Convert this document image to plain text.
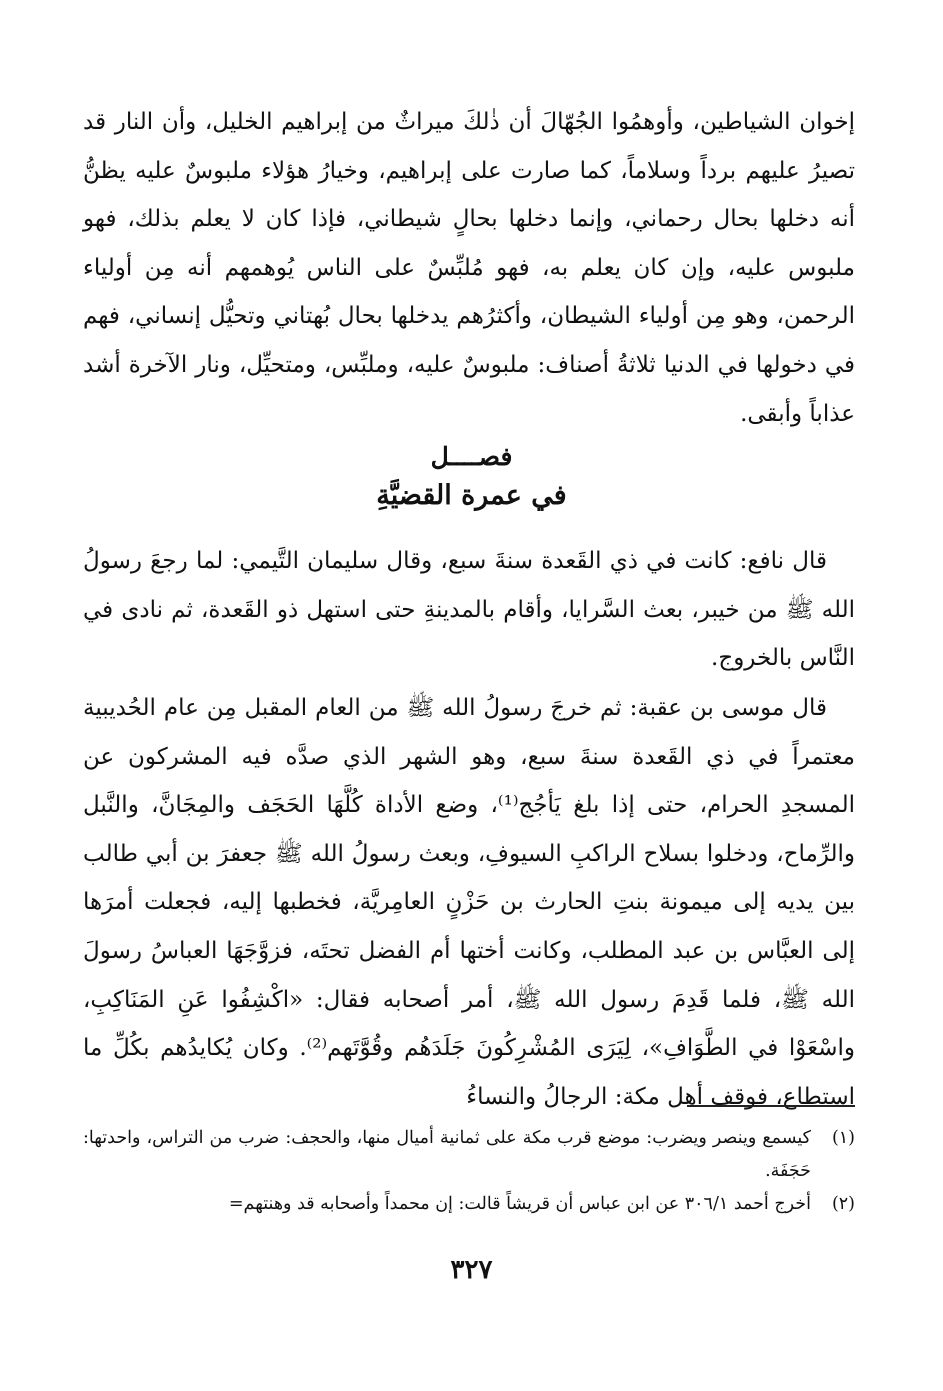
إخوان الشياطين، وأوهمُوا الجُهّالَ أن ذٰلكَ ميراثٌ من إبراهيم الخليل، وأن النار قد تصيرُ عليهم برداً وسلاماً، كما صارت على إبراهيم، وخيارُ هؤلاء ملبوسٌ عليه يظنُّ أنه دخلها بحال رحماني، وإنما دخلها بحالٍ شيطاني، فإذا كان لا يعلم بذلك، فهو ملبوس عليه، وإن كان يعلم به، فهو مُلبِّسٌ على الناس يُوهمهم أنه مِن أولياء الرحمن، وهو مِن أولياء الشيطان، وأكثرُهم يدخلها بحال بُهتاني وتحيُّل إنساني، فهم في دخولها في الدنيا ثلاثةُ أصناف: ملبوسٌ عليه، وملبِّس، ومتحيِّل، ونار الآخرة أشد عذاباً وأبقى.

فصــــل
في عمرة القضيَّةِ

قال نافع: كانت في ذي القَعدة سنةَ سبع، وقال سليمان التَّيمي: لما رجعَ رسولُ الله ﷺ من خيبر، بعث السَّرايا، وأقام بالمدينةِ حتى استهل ذو القَعدة، ثم نادى في النَّاس بالخروج.

قال موسى بن عقبة: ثم خرجَ رسولُ الله ﷺ من العام المقبل مِن عام الحُديبية معتمراً في ذي القَعدة سنةَ سبع، وهو الشهر الذي صدَّه فيه المشركون عن المسجدِ الحرام، حتى إذا بلغ يَأجُج⁽¹⁾، وضع الأداة كُلَّهَا الحَجَف والمِجَانَّ، والنَّبل والرِّماح، ودخلوا بسلاح الراكبِ السيوفِ، وبعث رسولُ الله ﷺ جعفرَ بن أبي طالب بين يديه إلى ميمونة بنتِ الحارث بن حَزْنٍ العامِريَّة، فخطبها إليه، فجعلت أمرَها إلى العبَّاس بن عبد المطلب، وكانت أختها أم الفضل تحتَه، فزوَّجَهَا العباسُ رسولَ الله ﷺ، فلما قَدِمَ رسول الله ﷺ، أمر أصحابه فقال: «اكْشِفُوا عَنِ المَنَاكِبِ، واسْعَوْا في الطَّوَافِ»، لِيَرَى المُشْرِكُونَ جَلَدَهُم وقُوَّتَهم⁽²⁾. وكان يُكايدُهم بكُلِّ ما استطاع، فوقف أهل مكة: الرجالُ والنساءُ

(١)
كيسمع وينصر ويضرب: موضع قرب مكة على ثمانية أميال منها، والحجف: ضرب من التراس، واحدتها: حَجَفَة.
(٢)
أخرج أحمد ٣٠٦/١ عن ابن عباس أن قريشاً قالت: إن محمداً وأصحابه قد وهنتهم=
٣٢٧
